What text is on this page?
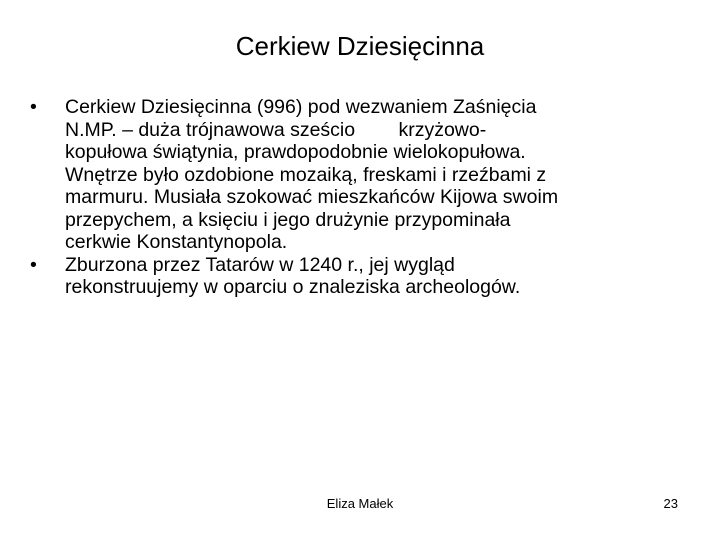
Cerkiew Dziesięcinna
•	Cerkiew Dziesięcinna (996) pod wezwaniem Zaśnięcia
N.MP. – duża trójnawowa sześcio        krzyżowo-
kopułowa świątynia, prawdopodobnie wielokopułowa.
Wnętrze było ozdobione mozaiką, freskami i rzeźbami z
marmuru. Musiała szokować mieszkańców Kijowa swoim
przepychem, a księciu i jego drużynie przypominała
cerkwie Konstantynopola.
•	Zburzona przez Tatarów w 1240 r., jej wygląd
rekonstruujemy w oparciu o znaleziska archeologów.
Eliza Małek	23
